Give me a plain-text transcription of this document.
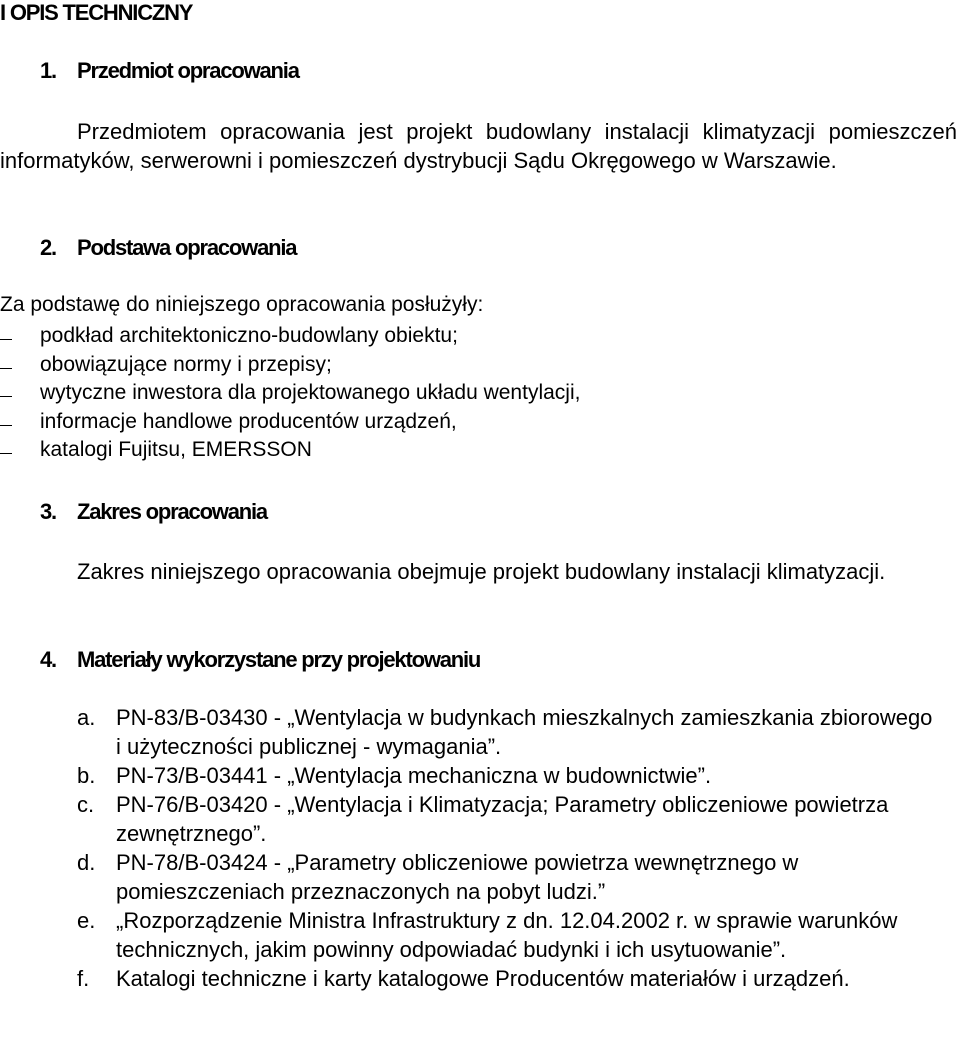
I OPIS TECHNICZNY
1. Przedmiot opracowania
Przedmiotem opracowania jest projekt budowlany instalacji klimatyzacji pomieszczeń informatyków, serwerowni i pomieszczeń dystrybucji Sądu Okręgowego w Warszawie.
2. Podstawa opracowania
Za podstawę do niniejszego opracowania posłużyły:
podkład architektoniczno-budowlany obiektu;
obowiązujące normy i przepisy;
wytyczne inwestora dla projektowanego układu wentylacji,
informacje handlowe producentów urządzeń,
katalogi Fujitsu, EMERSSON
3. Zakres opracowania
Zakres niniejszego opracowania obejmuje projekt budowlany instalacji klimatyzacji.
4. Materiały wykorzystane przy projektowaniu
a. PN-83/B-03430 - „Wentylacja w budynkach mieszkalnych zamieszkania zbiorowego i użyteczności publicznej - wymagania”.
b. PN-73/B-03441 - „Wentylacja mechaniczna w budownictwie”.
c. PN-76/B-03420 - „Wentylacja i Klimatyzacja; Parametry obliczeniowe powietrza zewnętrznego”.
d. PN-78/B-03424 - „Parametry obliczeniowe powietrza wewnętrznego w pomieszczeniach przeznaczonych na pobyt ludzi.”
e. „Rozporządzenie Ministra Infrastruktury z dn. 12.04.2002 r. w sprawie warunków technicznych, jakim powinny odpowiadać budynki i ich usytuowanie”.
f. Katalogi techniczne i karty katalogowe Producentów materiałów i urządzeń.
